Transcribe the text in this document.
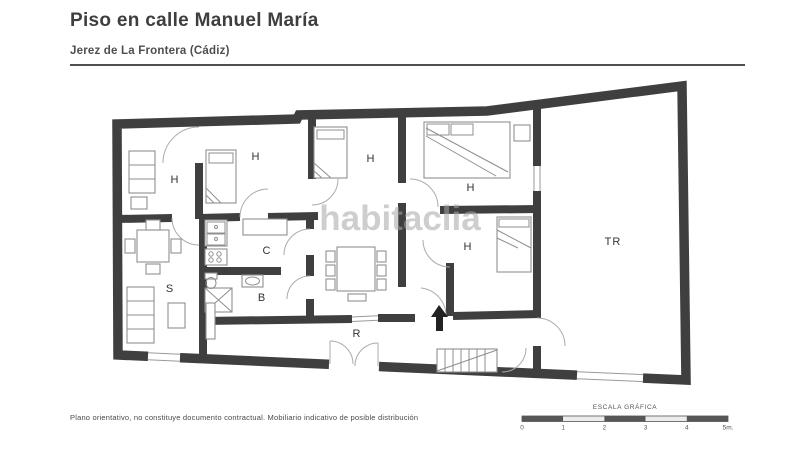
Piso en calle Manuel María
Jerez de La Frontera (Cádiz)
H
H	H
H
H
C
B
S
R
TR
ESCALA GRÁFICA
0	1	2	3	4	5m.
habitaclia
Plano orientativo, no constituye documento contractual. Mobiliario indicativo de posible distribución
